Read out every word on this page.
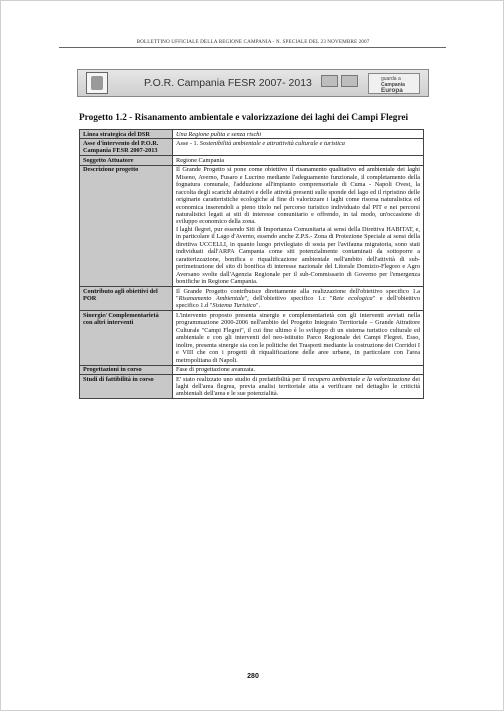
BOLLETTINO UFFICIALE DELLA REGIONE CAMPANIA - N. SPECIALE DEL 23 NOVEMBRE 2007
P.O.R. Campania FESR 2007- 2013	guarda a
Campania
Europa
Progetto 1.2 - Risanamento ambientale e valorizzazione dei laghi dei Campi Flegrei
Linea strategica del DSR	Una Regione pulita e senza rischi
Asse d'intervento del P.O.R. Campania FESR 2007-2013	Asse - 1. Sostenibilità ambientale e attrattività culturale e turistica
Soggetto Attuatore	Regione Campania
Descrizione progetto	Il Grande Progetto si pone come obiettivo il risanamento qualitativo ed ambientale dei laghi Miseno, Averno, Fusaro e Lucrino mediante l'adeguamento funzionale, il completamento della fognatura comunale, l'adduzione all'impianto comprensoriale di Cuma - Napoli Ovest, la raccolta degli scarichi abitativi e delle attività presenti sulle sponde del lago ed il ripristino delle originarie caratteristiche ecologiche al fine di valorizzare i laghi come risorsa naturalistica ed economica inserendoli a pieno titolo nel percorso turistico individuato dal PIT e nei percorsi naturalistici legati ai siti di interesse comunitario e offrendo, in tal modo, un'occasione di sviluppo economico della zona.
I laghi flegrei, pur essendo Siti di Importanza Comunitaria ai sensi della Direttiva HABITAT, e, in particolare il Lago d'Averno, essendo anche Z.P.S.- Zona di Protezione Speciale ai sensi della direttiva UCCELLI, in quanto luogo privilegiato di sosta per l'avifauna migratoria, sono stati individuati dall'ARPA Campania come siti potenzialmente contaminati da sottoporre a caratterizzazione, bonifica e riqualificazione ambientale nell'ambito dell'attività di sub-perimetrazione del sito di bonifica di interesse nazionale del Litorale Domizio-Flegreo e Agro Aversano svolte dall'Agenzia Regionale per il sub-Commissario di Governo per l'emergenza bonifiche in Regione Campania.

Contributo agli obiettivi del POR	Il Grande Progetto contribuisce direttamente alla realizzazione dell'obiettivo specifico 1.a "Risanamento Ambientale", dell'obiettivo specifico 1.c "Rete ecologica" e dell'obiettivo specifico 1.d "Sistema Turistico".
Sinergie/ Complementarietà con altri interventi	L'intervento proposto presenta sinergie e complementarietà con gli interventi avviati nella programmazione 2000-2006 nell'ambito del Progetto Integrato Territoriale – Grande Attrattore Culturale "Campi Flegrei", il cui fine ultimo è lo sviluppo di un sistema turistico culturale ed ambientale e con gli interventi del neo-istituito Parco Regionale dei Campi Flegrei. Esso, inoltre, presenta sinergie sia con le politiche dei Trasporti mediante la costruzione dei Corridoi I e VIII che con i progetti di riqualificazione delle aree urbane, in particolare con l'area metropolitana di Napoli.
Progettazioni in corso	Fase di progettazione avanzata.
Studi di fattibilità in corso	E' stato realizzato uno studio di prefattibilità per il recupero ambientale e la valorizzazione dei laghi dell'area flegrea, previa analisi territoriale atta a verificare nel dettaglio le criticità ambientali dell'area e le sue potenzialità.
280
